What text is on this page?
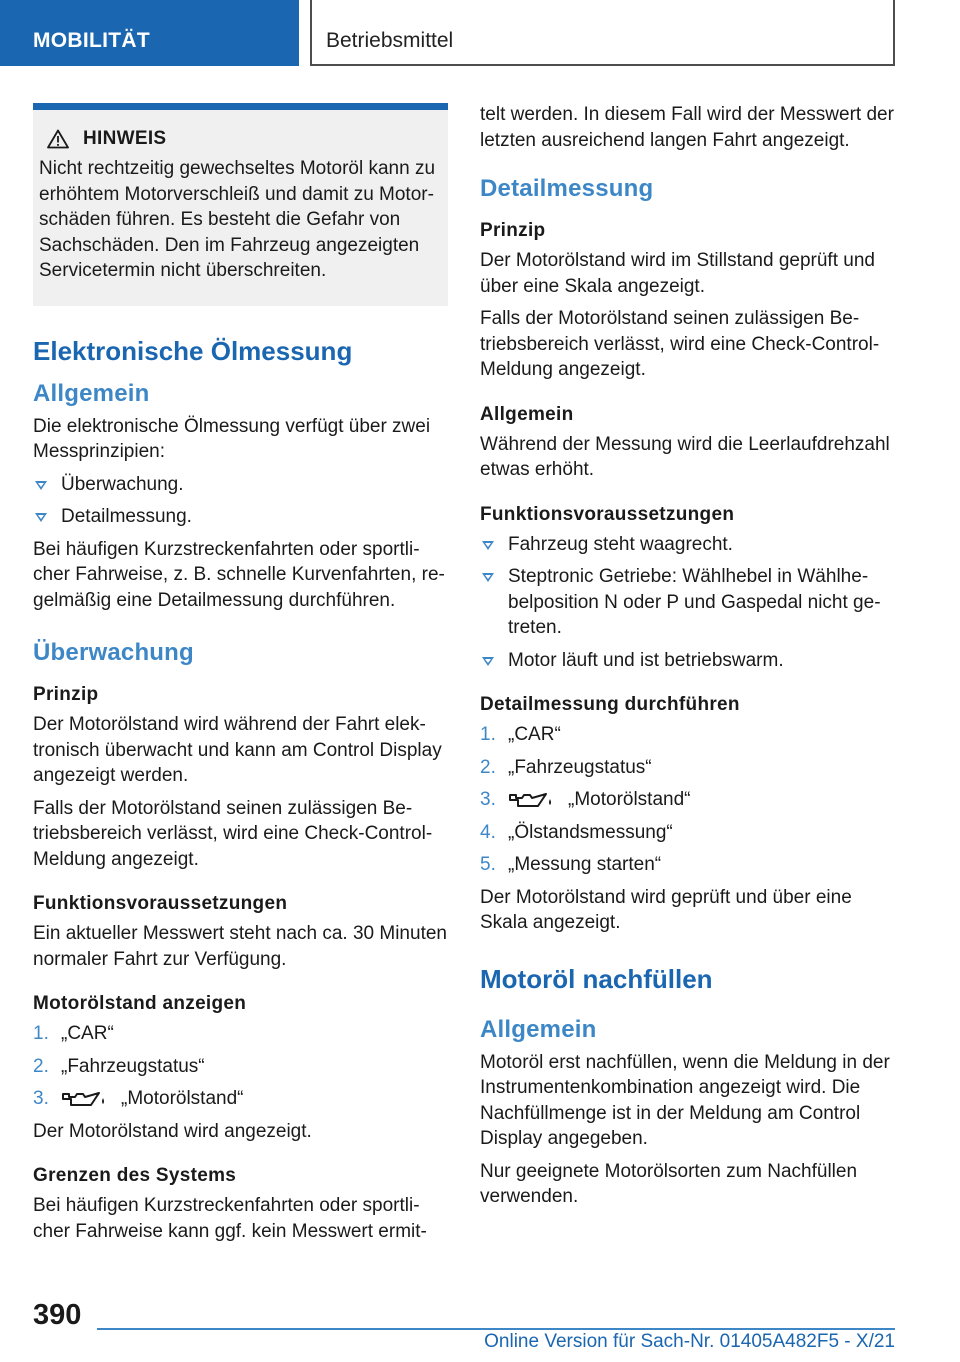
MOBILITÄT	Betriebsmittel
HINWEIS

Nicht rechtzeitig gewechseltes Motoröl kann zu erhöhtem Motorverschleiß und damit zu Motorschäden führen. Es besteht die Gefahr von Sachschäden. Den im Fahrzeug angezeigten Servicetermin nicht überschreiten.

Elektronische Ölmessung
Allgemein

Die elektronische Ölmessung verfügt über zwei Messprinzipien:

Überwachung.
Detailmessung.

Bei häufigen Kurzstreckenfahrten oder sportlicher Fahrweise, z. B. schnelle Kurvenfahrten, regelmäßig eine Detailmessung durchführen.

Überwachung
Prinzip

Der Motorölstand wird während der Fahrt elektronisch überwacht und kann am Control Display angezeigt werden.

Falls der Motorölstand seinen zulässigen Betriebsbereich verlässt, wird eine Check-Control-Meldung angezeigt.

Funktionsvoraussetzungen

Ein aktueller Messwert steht nach ca. 30 Minuten normaler Fahrt zur Verfügung.

Motorölstand anzeigen
1. „CAR“
2. „Fahrzeugstatus“
3.	„Motorölstand“

Der Motorölstand wird angezeigt.

Grenzen des Systems

Bei häufigen Kurzstreckenfahrten oder sportlicher Fahrweise kann ggf. kein Messwert ermit-

telt werden. In diesem Fall wird der Messwert der letzten ausreichend langen Fahrt angezeigt.

Detailmessung
Prinzip

Der Motorölstand wird im Stillstand geprüft und über eine Skala angezeigt.

Falls der Motorölstand seinen zulässigen Betriebsbereich verlässt, wird eine Check-Control-Meldung angezeigt.

Allgemein

Während der Messung wird die Leerlaufdrehzahl etwas erhöht.

Funktionsvoraussetzungen
Fahrzeug steht waagrecht.
Steptronic Getriebe: Wählhebel in Wählhebelposition N oder P und Gaspedal nicht getreten.
Motor läuft und ist betriebswarm.
Detailmessung durchführen
1. „CAR“
2. „Fahrzeugstatus“
3.	„Motorölstand“
4. „Ölstandsmessung“
5. „Messung starten“

Der Motorölstand wird geprüft und über eine Skala angezeigt.

Motoröl nachfüllen
Allgemein

Motoröl erst nachfüllen, wenn die Meldung in der Instrumentenkombination angezeigt wird. Die Nachfüllmenge ist in der Meldung am Control Display angegeben.

Nur geeignete Motorölsorten zum Nachfüllen verwenden.

390
Online Version für Sach-Nr. 01405A482F5 - X/21
